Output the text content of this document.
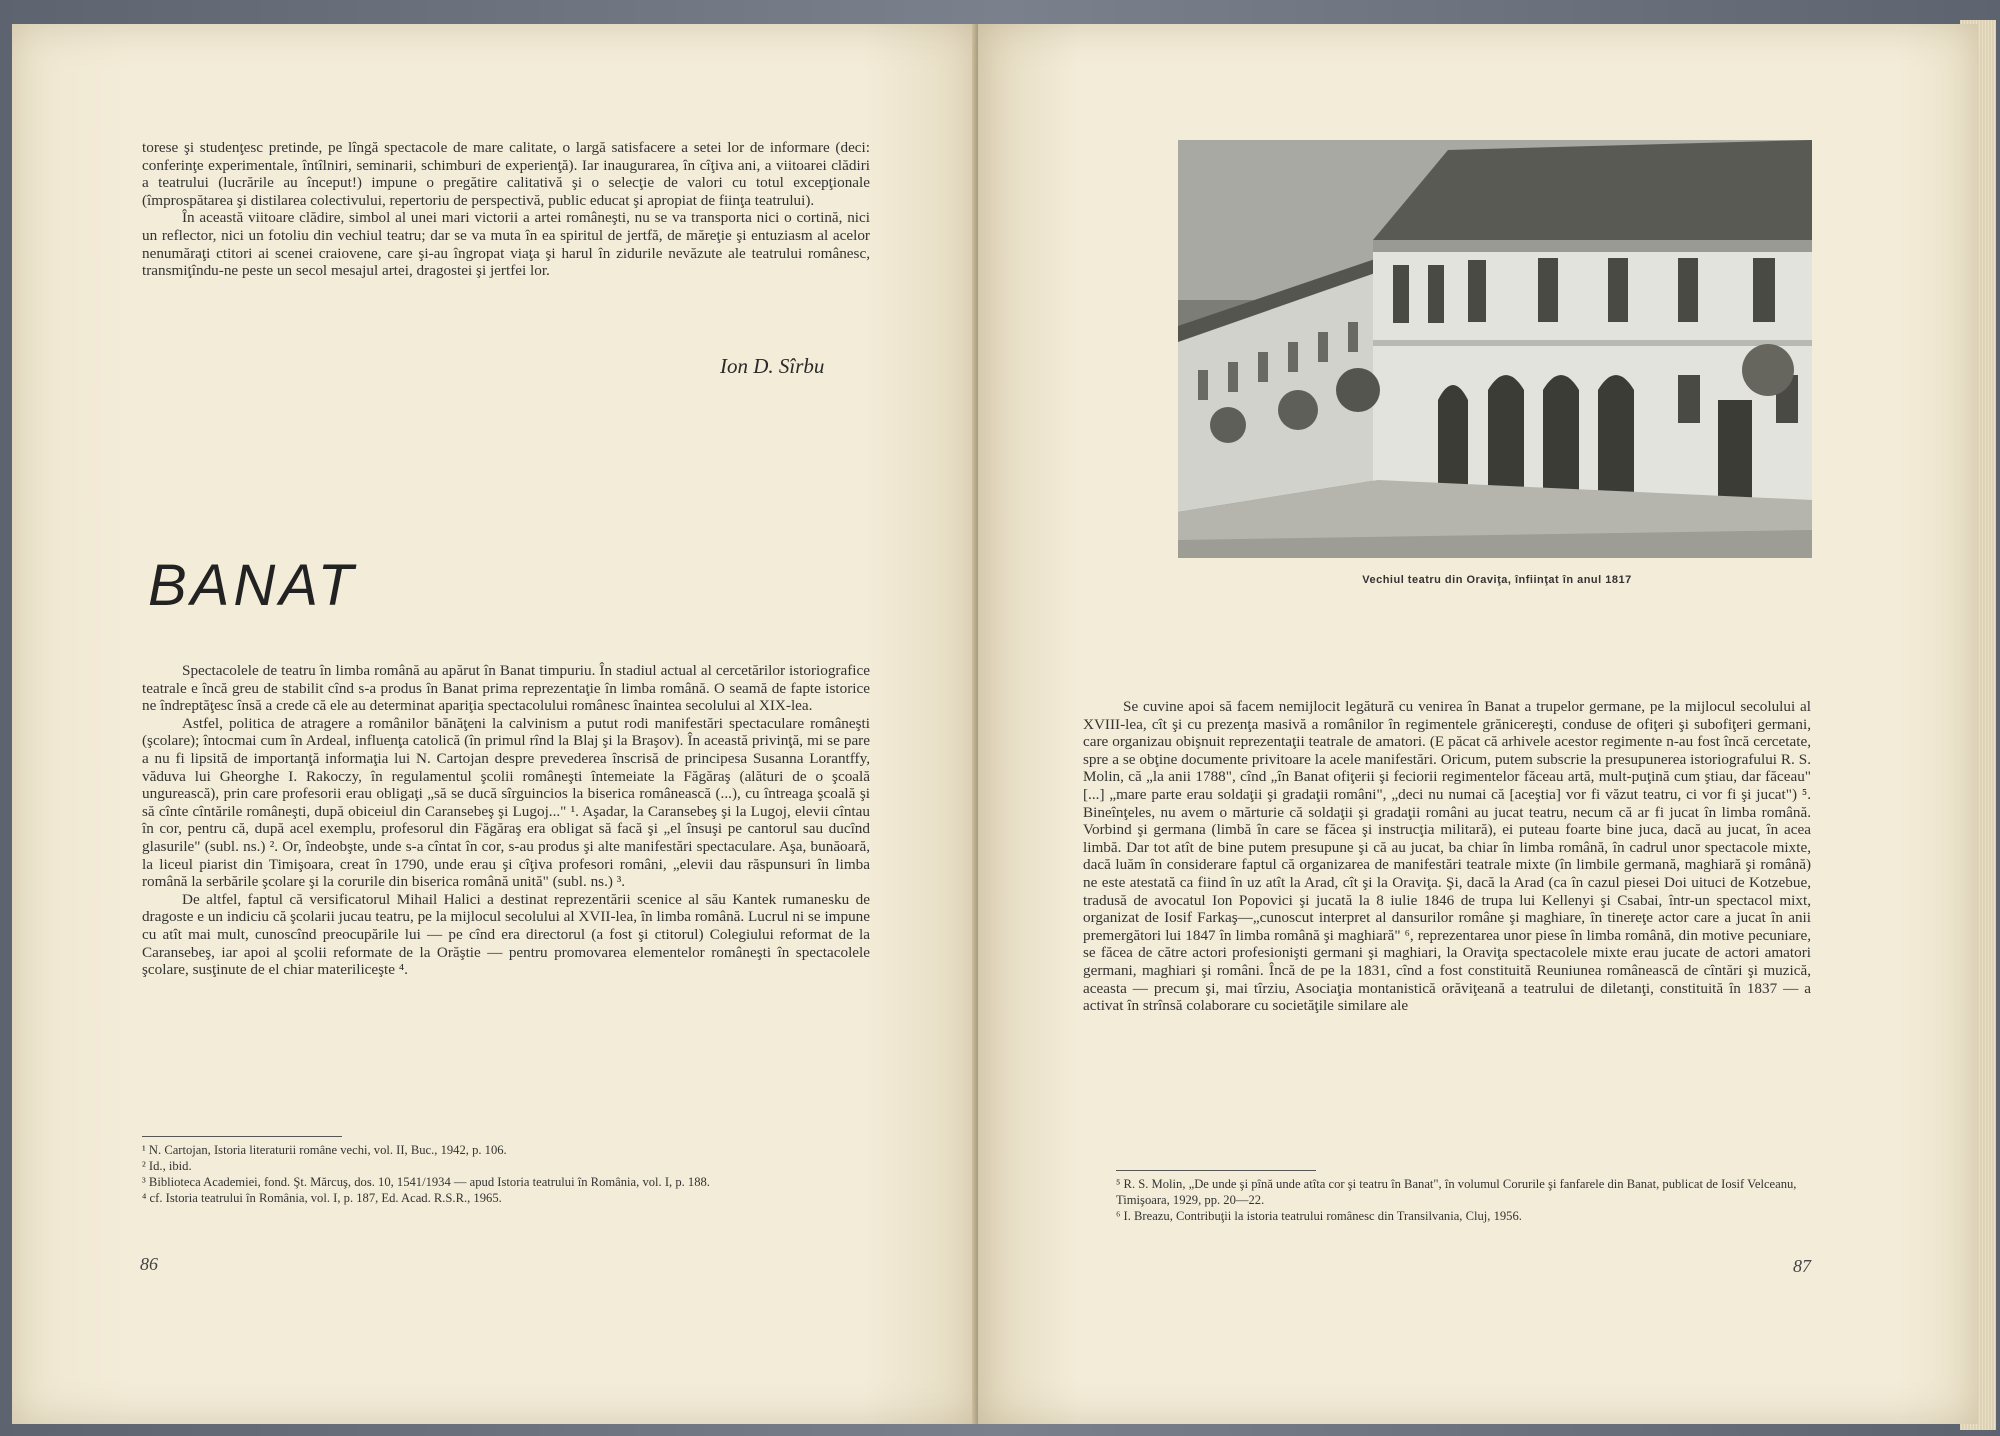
torese şi studenţesc pretinde, pe lîngă spectacole de mare calitate, o largă satisfacere a setei lor de informare (deci: conferinţe experimentale, întîlniri, seminarii, schimburi de experienţă). Iar inaugurarea, în cîţiva ani, a viitoarei clădiri a teatrului (lucrările au început!) impune o pregătire calitativă şi o selecţie de valori cu totul excepţionale (împrospătarea şi distilarea colectivului, repertoriu de perspectivă, public educat şi apropiat de fiinţa teatrului).

În această viitoare clădire, simbol al unei mari victorii a artei româneşti, nu se va transporta nici o cortină, nici un reflector, nici un fotoliu din vechiul teatru; dar se va muta în ea spiritul de jertfă, de măreţie şi entuziasm al acelor nenumăraţi ctitori ai scenei craiovene, care şi-au îngropat viaţa şi harul în zidurile nevăzute ale teatrului românesc, transmiţîndu-ne peste un secol mesajul artei, dragostei şi jertfei lor.

Ion D. Sîrbu
BANAT

Spectacolele de teatru în limba română au apărut în Banat timpuriu. În stadiul actual al cercetărilor istoriografice teatrale e încă greu de stabilit cînd s-a produs în Banat prima reprezentaţie în limba română. O seamă de fapte istorice ne îndreptăţesc însă a crede că ele au determinat apariţia spectacolului românesc înaintea secolului al XIX-lea.

Astfel, politica de atragere a românilor bănăţeni la calvinism a putut rodi manifestări spectaculare româneşti (şcolare); întocmai cum în Ardeal, influenţa catolică (în primul rînd la Blaj şi la Braşov). În această privinţă, mi se pare a nu fi lipsită de importanţă informaţia lui N. Cartojan despre prevederea înscrisă de principesa Susanna Lorantffy, văduva lui Gheorghe I. Rakoczy, în regulamentul şcolii româneşti întemeiate la Făgăraş (alături de o şcoală ungurească), prin care profesorii erau obligaţi „să se ducă sîrguincios la biserica românească (...), cu întreaga şcoală şi să cînte cîntările româneşti, după obiceiul din Caransebeş şi Lugoj..." ¹. Aşadar, la Caransebeş şi la Lugoj, elevii cîntau în cor, pentru că, după acel exemplu, profesorul din Făgăraş era obligat să facă şi „el însuşi pe cantorul sau ducînd glasurile" (subl. ns.) ². Or, îndeobşte, unde s-a cîntat în cor, s-au produs şi alte manifestări spectaculare. Aşa, bunăoară, la liceul piarist din Timişoara, creat în 1790, unde erau şi cîţiva profesori români, „elevii dau răspunsuri în limba română la serbările şcolare şi la corurile din biserica română unită" (subl. ns.) ³.

De altfel, faptul că versificatorul Mihail Halici a destinat reprezentării scenice al său Kantek rumanesku de dragoste e un indiciu că şcolarii jucau teatru, pe la mijlocul secolului al XVII-lea, în limba română. Lucrul ni se impune cu atît mai mult, cunoscînd preocupările lui — pe cînd era directorul (a fost şi ctitorul) Colegiului reformat de la Caransebeş, iar apoi al şcolii reformate de la Orăştie — pentru promovarea elementelor româneşti în spectacolele şcolare, susţinute de el chiar materiliceşte ⁴.

¹ N. Cartojan, Istoria literaturii române vechi, vol. II, Buc., 1942, p. 106.
² Id., ibid.
³ Biblioteca Academiei, fond. Şt. Mărcuş, dos. 10, 1541/1934 — apud Istoria teatrului în România, vol. I, p. 188.
⁴ cf. Istoria teatrului în România, vol. I, p. 187, Ed. Acad. R.S.R., 1965.
86
Vechiul teatru din Oraviţa, înfiinţat în anul 1817

Se cuvine apoi să facem nemijlocit legătură cu venirea în Banat a trupelor germane, pe la mijlocul secolului al XVIII-lea, cît şi cu prezenţa masivă a românilor în regimentele grănicereşti, conduse de ofiţeri şi subofiţeri germani, care organizau obişnuit reprezentaţii teatrale de amatori. (E păcat că arhivele acestor regimente n-au fost încă cercetate, spre a se obţine documente privitoare la acele manifestări. Oricum, putem subscrie la presupunerea istoriografului R. S. Molin, că „la anii 1788", cînd „în Banat ofiţerii şi feciorii regimentelor făceau artă, mult-puţină cum ştiau, dar făceau" [...] „mare parte erau soldaţii şi gradaţii români", „deci nu numai că [aceştia] vor fi văzut teatru, ci vor fi şi jucat") ⁵. Bineînţeles, nu avem o mărturie că soldaţii şi gradaţii români au jucat teatru, necum că ar fi jucat în limba română. Vorbind şi germana (limbă în care se făcea şi instrucţia militară), ei puteau foarte bine juca, dacă au jucat, în acea limbă. Dar tot atît de bine putem presupune şi că au jucat, ba chiar în limba română, în cadrul unor spectacole mixte, dacă luăm în considerare faptul că organizarea de manifestări teatrale mixte (în limbile germană, maghiară şi română) ne este atestată ca fiind în uz atît la Arad, cît şi la Oraviţa. Şi, dacă la Arad (ca în cazul piesei Doi uituci de Kotzebue, tradusă de avocatul Ion Popovici şi jucată la 8 iulie 1846 de trupa lui Kellenyi şi Csabai, într-un spectacol mixt, organizat de Iosif Farkaş—„cunoscut interpret al dansurilor române şi maghiare, în tinereţe actor care a jucat în anii premergători lui 1847 în limba română şi maghiară" ⁶, reprezentarea unor piese în limba română, din motive pecuniare, se făcea de către actori profesionişti germani şi maghiari, la Oraviţa spectacolele mixte erau jucate de actori amatori germani, maghiari şi români. Încă de pe la 1831, cînd a fost constituită Reuniunea românească de cîntări şi muzică, aceasta — precum şi, mai tîrziu, Asociaţia montanistică orăviţeană a teatrului de diletanţi, constituită în 1837 — a activat în strînsă colaborare cu societăţile similare ale

⁵ R. S. Molin, „De unde şi pînă unde atîta cor şi teatru în Banat", în volumul Corurile şi fanfarele din Banat, publicat de Iosif Velceanu, Timişoara, 1929, pp. 20—22.
⁶ I. Breazu, Contribuţii la istoria teatrului românesc din Transilvania, Cluj, 1956.
87
